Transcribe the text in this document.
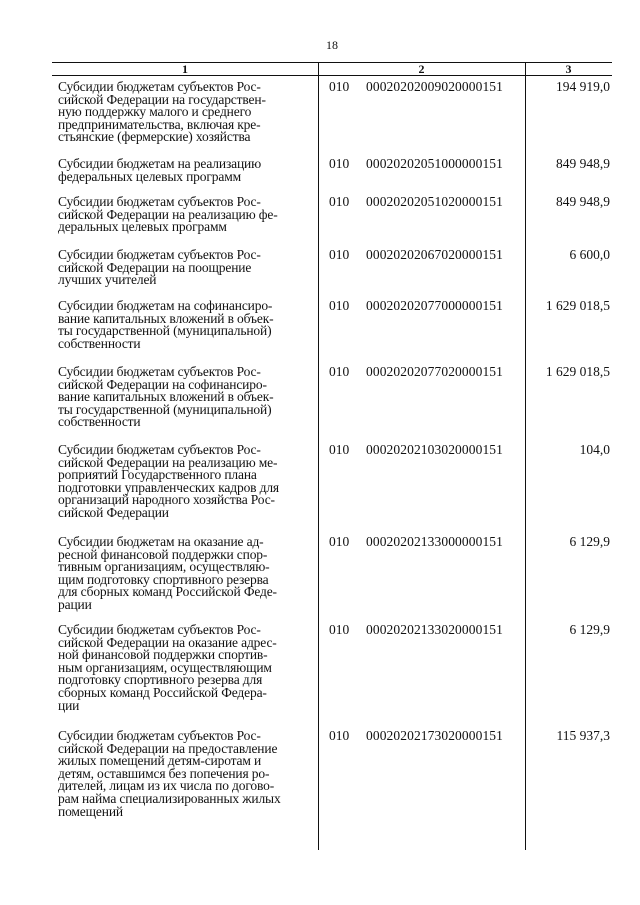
18
1	2	3
Субсидии бюджетам субъектов Рос-
сийской Федерации на государствен-
ную поддержку малого и среднего
предпринимательства, включая кре-
стьянские (фермерские) хозяйства
010	00020202009020000151	194 919,0
Субсидии бюджетам на реализацию
федеральных целевых программ
010	00020202051000000151	849 948,9
Субсидии бюджетам субъектов Рос-
сийской Федерации на реализацию фе-
деральных целевых программ
010	00020202051020000151	849 948,9
Субсидии бюджетам субъектов Рос-
сийской Федерации на поощрение
лучших учителей
010	00020202067020000151	6 600,0
Субсидии бюджетам на софинансиро-
вание капитальных вложений в объек-
ты государственной (муниципальной)
собственности
010	00020202077000000151	1 629 018,5
Субсидии бюджетам субъектов Рос-
сийской Федерации на софинансиро-
вание капитальных вложений в объек-
ты государственной (муниципальной)
собственности
010	00020202077020000151	1 629 018,5
Субсидии бюджетам субъектов Рос-
сийской Федерации на реализацию ме-
роприятий Государственного плана
подготовки управленческих кадров для
организаций народного хозяйства Рос-
сийской Федерации
010	00020202103020000151	104,0
Субсидии бюджетам на оказание ад-
ресной финансовой поддержки спор-
тивным организациям, осуществляю-
щим подготовку спортивного резерва
для сборных команд Российской Феде-
рации
010	00020202133000000151	6 129,9
Субсидии бюджетам субъектов Рос-
сийской Федерации на оказание адрес-
ной финансовой поддержки спортив-
ным организациям, осуществляющим
подготовку спортивного резерва для
сборных команд Российской Федера-
ции
010	00020202133020000151	6 129,9
Субсидии бюджетам субъектов Рос-
сийской Федерации на предоставление
жилых помещений детям-сиротам и
детям, оставшимся без попечения ро-
дителей, лицам из их числа по догово-
рам найма специализированных жилых
помещений
010	00020202173020000151	115 937,3
